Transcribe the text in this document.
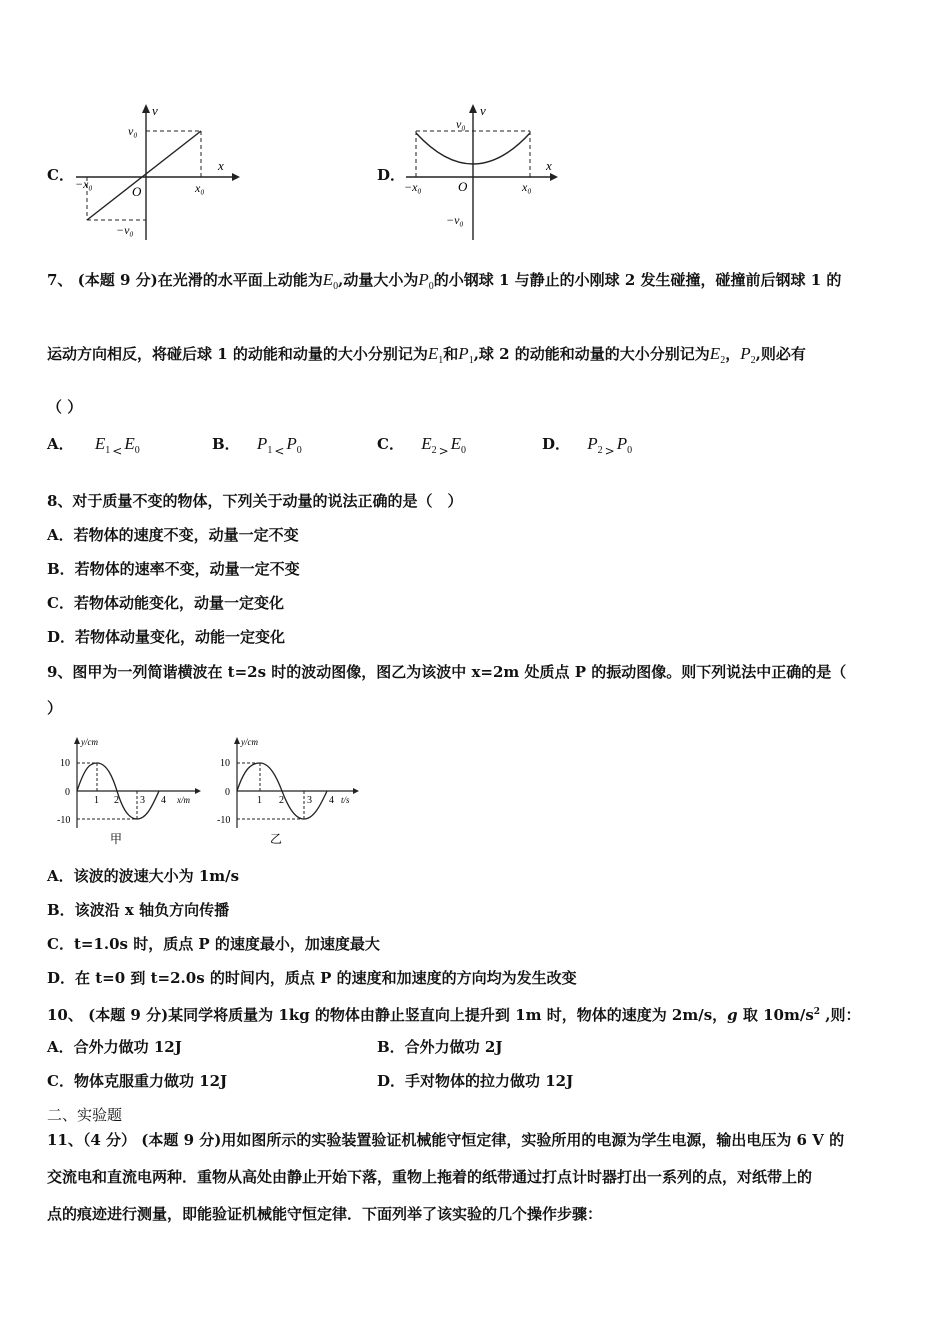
C．
v
x
v₀
x₀
−x₀	O
−v₀
D．
v
x
v₀
x₀
−x₀	O
−v₀
7、 (本题 9 分)在光滑的水平面上动能为$E_0$,动量大小为$P_0$的小钢球 1 与静止的小刚球 2 发生碰撞，碰撞前后钢球 1 的
运动方向相反，将碰后球 1 的动能和动量的大小分别记为$E_1$和$P_1$,球 2 的动能和动量的大小分别记为$E_2$，$P_2$,则必有
（ ）
A． $E_1$ $_<$ $E_0$	B． $P_1$ $_<$ $P_0$	C． $E_2$ $_>$ $E_0$	D． $P_2$ $_>$ $P_0$
8、对于质量不变的物体，下列关于动量的说法正确的是（　）
A．若物体的速度不变，动量一定不变
B．若物体的速率不变，动量一定不变
C．若物体动能变化，动量一定变化
D．若物体动量变化，动能一定变化
9、图甲为一列简谐横波在 t=2s 时的波动图像，图乙为该波中 x=2m 处质点 P 的振动图像。则下列说法中正确的是（
）
y/cm
x/m
10
0
-10
1 2 3 4
甲
y/cm
t/s
10
0
-10
1 2 3 4
乙
A．该波的波速大小为 1m/s
B．该波沿 x 轴负方向传播
C．t=1.0s 时，质点 P 的速度最小，加速度最大
D．在 t=0 到 t=2.0s 的时间内，质点 P 的速度和加速度的方向均为发生改变
10、 (本题 9 分)某同学将质量为 1kg 的物体由静止竖直向上提升到 1m 时，物体的速度为 2m/s，g 取 $10m/s^2$ ,则：
A．合外力做功 12J	B．合外力做功 2J
C．物体克服重力做功 12J	D．手对物体的拉力做功 12J
二、实验题
11、（4 分） (本题 9 分)用如图所示的实验装置验证机械能守恒定律，实验所用的电源为学生电源，输出电压为 6 V 的
交流电和直流电两种．重物从高处由静止开始下落，重物上拖着的纸带通过打点计时器打出一系列的点，对纸带上的
点的痕迹进行测量，即能验证机械能守恒定律．下面列举了该实验的几个操作步骤：
